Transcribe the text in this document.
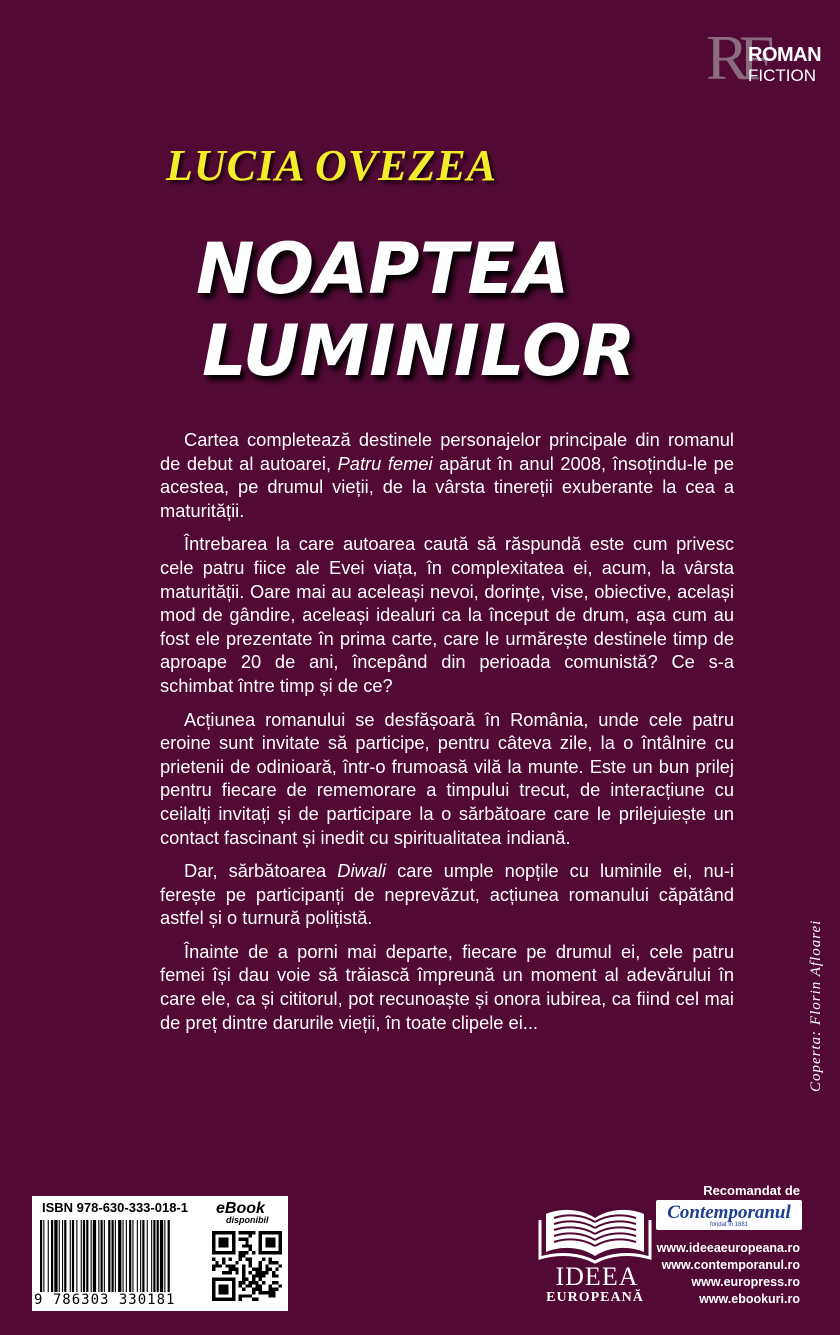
RF
ROMAN
FICTION
LUCIA OVEZEA
NOAPTEA
LUMINILOR

Cartea completează destinele personajelor principale din romanul de debut al autoarei, Patru femei apărut în anul 2008, însoțindu-le pe acestea, pe drumul vieții, de la vârsta tinereții exuberante la cea a maturității.

Întrebarea la care autoarea caută să răspundă este cum privesc cele patru fiice ale Evei viața, în complexitatea ei, acum, la vârsta maturității. Oare mai au aceleași nevoi, dorințe, vise, obiective, același mod de gândire, aceleași idealuri ca la început de drum, așa cum au fost ele prezentate în prima carte, care le urmărește destinele timp de aproape 20 de ani, începând din perioada comunistă? Ce s-a schimbat între timp și de ce?

Acțiunea romanului se desfășoară în România, unde cele patru eroine sunt invitate să participe, pentru câteva zile, la o întâlnire cu prietenii de odinioară, într-o frumoasă vilă la munte. Este un bun prilej pentru fiecare de rememorare a timpului trecut, de interacțiune cu ceilalți invitați și de participare la o sărbătoare care le prilejuiește un contact fascinant și inedit cu spiritualitatea indiană.

Dar, sărbătoarea Diwali care umple nopțile cu luminile ei, nu-i ferește pe participanți de neprevăzut, acțiunea romanului căpătând astfel și o turnură polițistă.

Înainte de a porni mai departe, fiecare pe drumul ei, cele patru femei își dau voie să trăiască împreună un moment al adevărului în care ele, ca și cititorul, pot recunoaște și onora iubirea, ca fiind cel mai de preț dintre darurile vieții, în toate clipele ei...	Coperta: Florin Afloarei
ISBN 978-630-333-018-1
9 786303 330181
eBook
disponibil
IDEEA
EUROPEANĂ
Recomandat de
Contemporanul
fondat in 1881
www.ideeaeuropeana.ro
www.contemporanul.ro
www.europress.ro
www.ebookuri.ro
